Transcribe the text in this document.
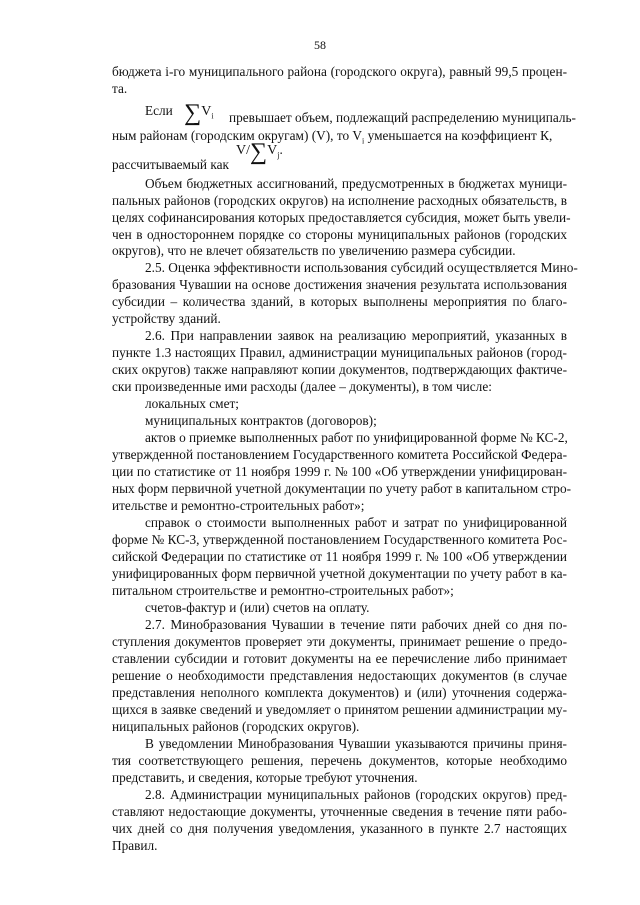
58
бюджета i-го муниципального района (городского округа), равный 99,5 процен-
та.
Если $\sum V_i$ превышает объем, подлежащий распределению муниципаль-
ным районам (городским округам) (V), то $V_i$ уменьшается на коэффициент К,
рассчитываемый как
$V/\sum V_j$.
Объем бюджетных ассигнований, предусмотренных в бюджетах муници-
пальных районов (городских округов) на исполнение расходных обязательств, в
целях софинансирования которых предоставляется субсидия, может быть увели-
чен в одностороннем порядке со стороны муниципальных районов (городских
округов), что не влечет обязательств по увеличению размера субсидии.
2.5. Оценка эффективности использования субсидий осуществляется Мино-
бразования Чувашии на основе достижения значения результата использования
субсидии – количества зданий, в которых выполнены мероприятия по благо-
устройству зданий.
2.6. При направлении заявок на реализацию мероприятий, указанных в
пункте 1.3 настоящих Правил, администрации муниципальных районов (город-
ских округов) также направляют копии документов, подтверждающих фактиче-
ски произведенные ими расходы (далее – документы), в том числе:
локальных смет;
муниципальных контрактов (договоров);
актов о приемке выполненных работ по унифицированной форме № КС-2,
утвержденной постановлением Государственного комитета Российской Федера-
ции по статистике от 11 ноября 1999 г. № 100 «Об утверждении унифицирован-
ных форм первичной учетной документации по учету работ в капитальном стро-
ительстве и ремонтно-строительных работ»;
справок о стоимости выполненных работ и затрат по унифицированной
форме № КС-3, утвержденной постановлением Государственного комитета Рос-
сийской Федерации по статистике от 11 ноября 1999 г. № 100 «Об утверждении
унифицированных форм первичной учетной документации по учету работ в ка-
питальном строительстве и ремонтно-строительных работ»;
счетов-фактур и (или) счетов на оплату.
2.7. Минобразования Чувашии в течение пяти рабочих дней со дня по-
ступления документов проверяет эти документы, принимает решение о предо-
ставлении субсидии и готовит документы на ее перечисление либо принимает
решение о необходимости представления недостающих документов (в случае
представления неполного комплекта документов) и (или) уточнения содержа-
щихся в заявке сведений и уведомляет о принятом решении администрации му-
ниципальных районов (городских округов).
В уведомлении Минобразования Чувашии указываются причины приня-
тия соответствующего решения, перечень документов, которые необходимо
представить, и сведения, которые требуют уточнения.
2.8. Администрации муниципальных районов (городских округов) пред-
ставляют недостающие документы, уточненные сведения в течение пяти рабо-
чих дней со дня получения уведомления, указанного в пункте 2.7 настоящих
Правил.
